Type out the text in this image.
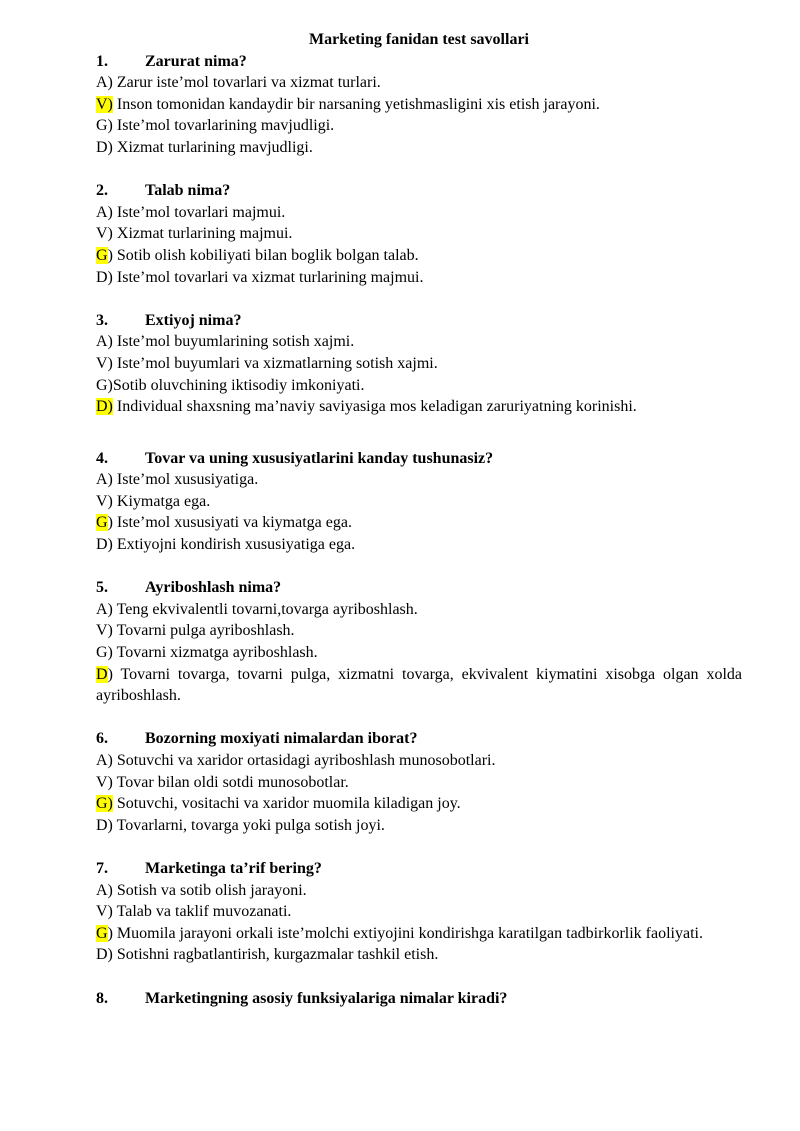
Marketing fanidan test savollari

1.	Zarurat nima?

A) Zarur iste’mol tovarlari va xizmat turlari.

V) Inson tomonidan kandaydir bir narsaning yetishmasligini xis etish jarayoni.

G) Iste’mol tovarlarining mavjudligi.

D) Xizmat turlarining mavjudligi.

2.	Talab nima?

A) Iste’mol tovarlari majmui.

V) Xizmat turlarining majmui.

G) Sotib olish kobiliyati bilan boglik bolgan talab.

D) Iste’mol tovarlari va xizmat turlarining majmui.

3.	Extiyoj nima?

A) Iste’mol buyumlarining sotish xajmi.

V) Iste’mol buyumlari va xizmatlarning sotish xajmi.

G)Sotib oluvchining iktisodiy imkoniyati.

D) Individual shaxsning ma’naviy saviyasiga mos keladigan zaruriyatning korinishi.

4.	Tovar va uning xususiyatlarini kanday tushunasiz?

A) Iste’mol xususiyatiga.

V) Kiymatga ega.

G) Iste’mol xususiyati va kiymatga ega.

D) Extiyojni kondirish xususiyatiga ega.

5.	Ayriboshlash nima?

A) Teng ekvivalentli tovarni,tovarga ayriboshlash.

V) Tovarni pulga ayriboshlash.

G) Tovarni xizmatga ayriboshlash.

D) Tovarni tovarga, tovarni pulga, xizmatni tovarga, ekvivalent kiymatini xisobga olgan xolda ayriboshlash.

6.	Bozorning moxiyati nimalardan iborat?

A) Sotuvchi va xaridor ortasidagi ayriboshlash munosobotlari.

V) Tovar bilan oldi sotdi munosobotlar.

G) Sotuvchi, vositachi va xaridor muomila kiladigan joy.

D) Tovarlarni, tovarga yoki pulga sotish joyi.

7.	Marketinga ta’rif bering?

A) Sotish va sotib olish jarayoni.

V) Talab va taklif muvozanati.

G) Muomila jarayoni orkali iste’molchi extiyojini kondirishga karatilgan tadbirkorlik faoliyati.

D) Sotishni ragbatlantirish, kurgazmalar tashkil etish.

8.	Marketingning asosiy funksiyalariga nimalar kiradi?
